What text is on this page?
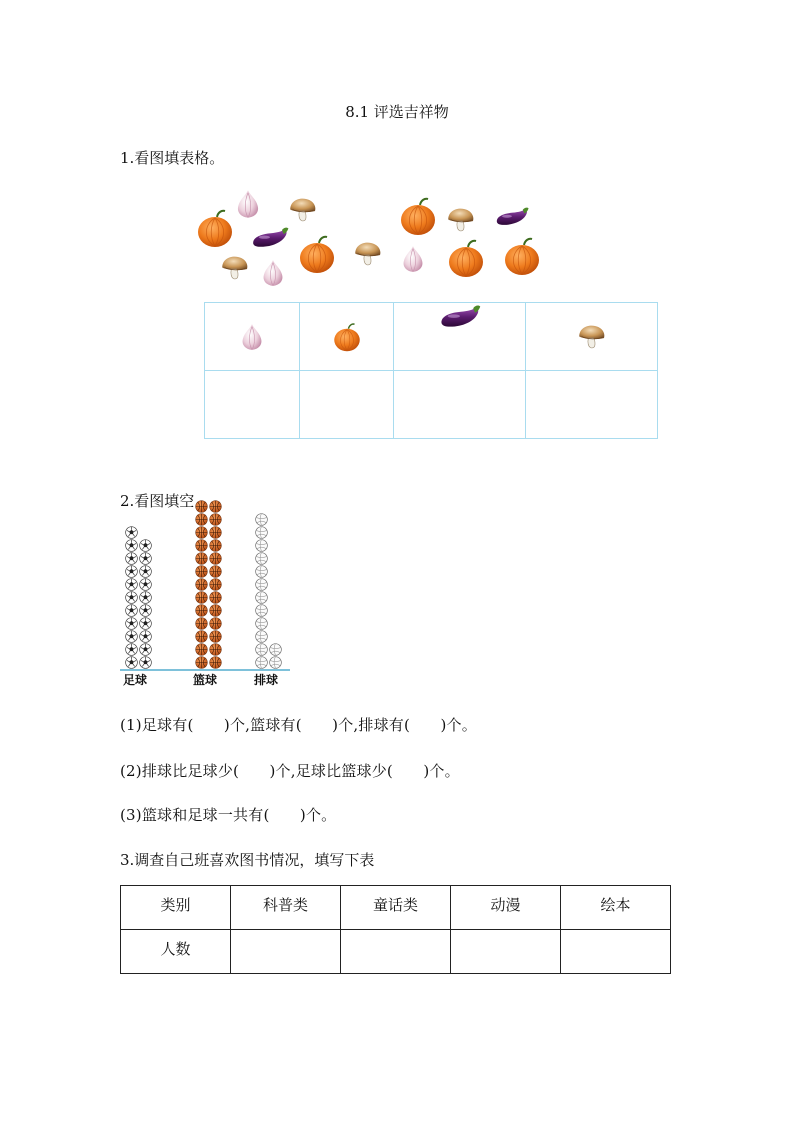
8.1 评选吉祥物
1.看图填表格。

2.看图填空
足球	篮球	排球
(1)足球有(　　)个,篮球有(　　)个,排球有(　　)个。
(2)排球比足球少(　　)个,足球比篮球少(　　)个。
(3)篮球和足球一共有(　　)个。
3.调查自己班喜欢图书情况，填写下表
类别	科普类	童话类	动漫	绘本
人数				
